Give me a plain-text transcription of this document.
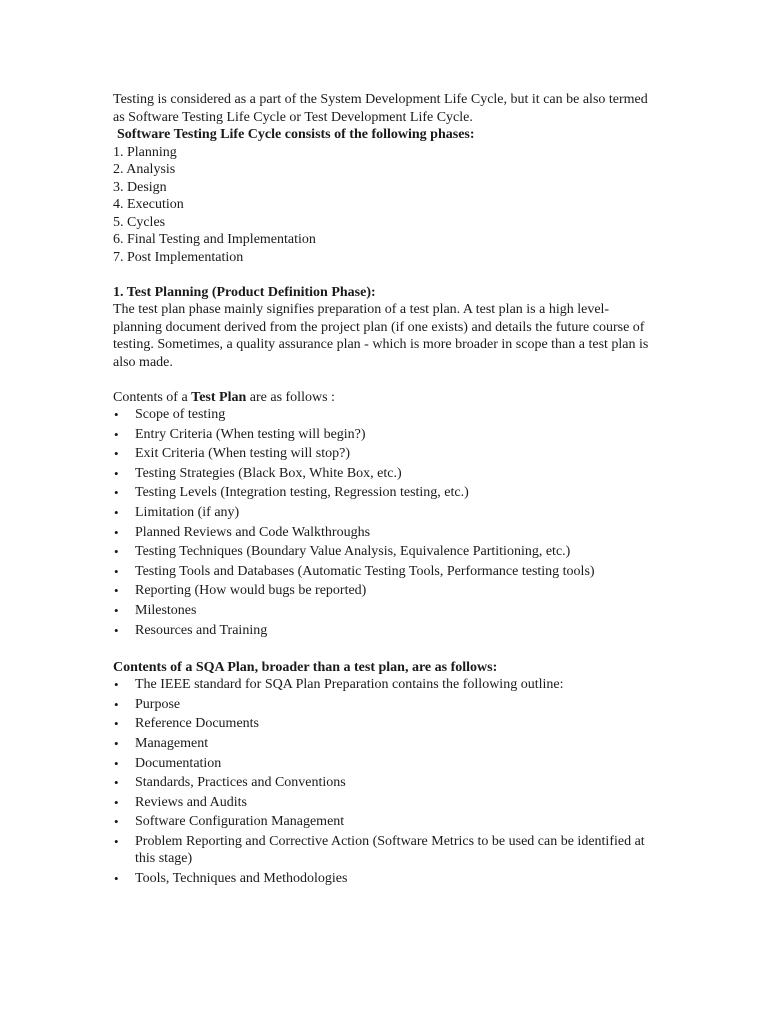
Testing is considered as a part of the System Development Life Cycle, but it can be also termed as Software Testing Life Cycle or Test Development Life Cycle.

Software Testing Life Cycle consists of the following phases:

1. Planning
2. Analysis
3. Design
4. Execution
5. Cycles
6. Final Testing and Implementation
7. Post Implementation

1. Test Planning (Product Definition Phase):

The test plan phase mainly signifies preparation of a test plan. A test plan is a high level-planning document derived from the project plan (if one exists) and details the future course of testing. Sometimes, a quality assurance plan - which is more broader in scope than a test plan is also made.

Contents of a Test Plan are as follows :

• Scope of testing
• Entry Criteria (When testing will begin?)
• Exit Criteria (When testing will stop?)
• Testing Strategies (Black Box, White Box, etc.)
• Testing Levels (Integration testing, Regression testing, etc.)
• Limitation (if any)
• Planned Reviews and Code Walkthroughs
• Testing Techniques (Boundary Value Analysis, Equivalence Partitioning, etc.)
• Testing Tools and Databases (Automatic Testing Tools, Performance testing tools)
• Reporting (How would bugs be reported)
• Milestones
• Resources and Training

Contents of a SQA Plan, broader than a test plan, are as follows:

• The IEEE standard for SQA Plan Preparation contains the following outline:
• Purpose
• Reference Documents
• Management
• Documentation
• Standards, Practices and Conventions
• Reviews and Audits
• Software Configuration Management
• Problem Reporting and Corrective Action (Software Metrics to be used can be identified at this stage)
• Tools, Techniques and Methodologies
